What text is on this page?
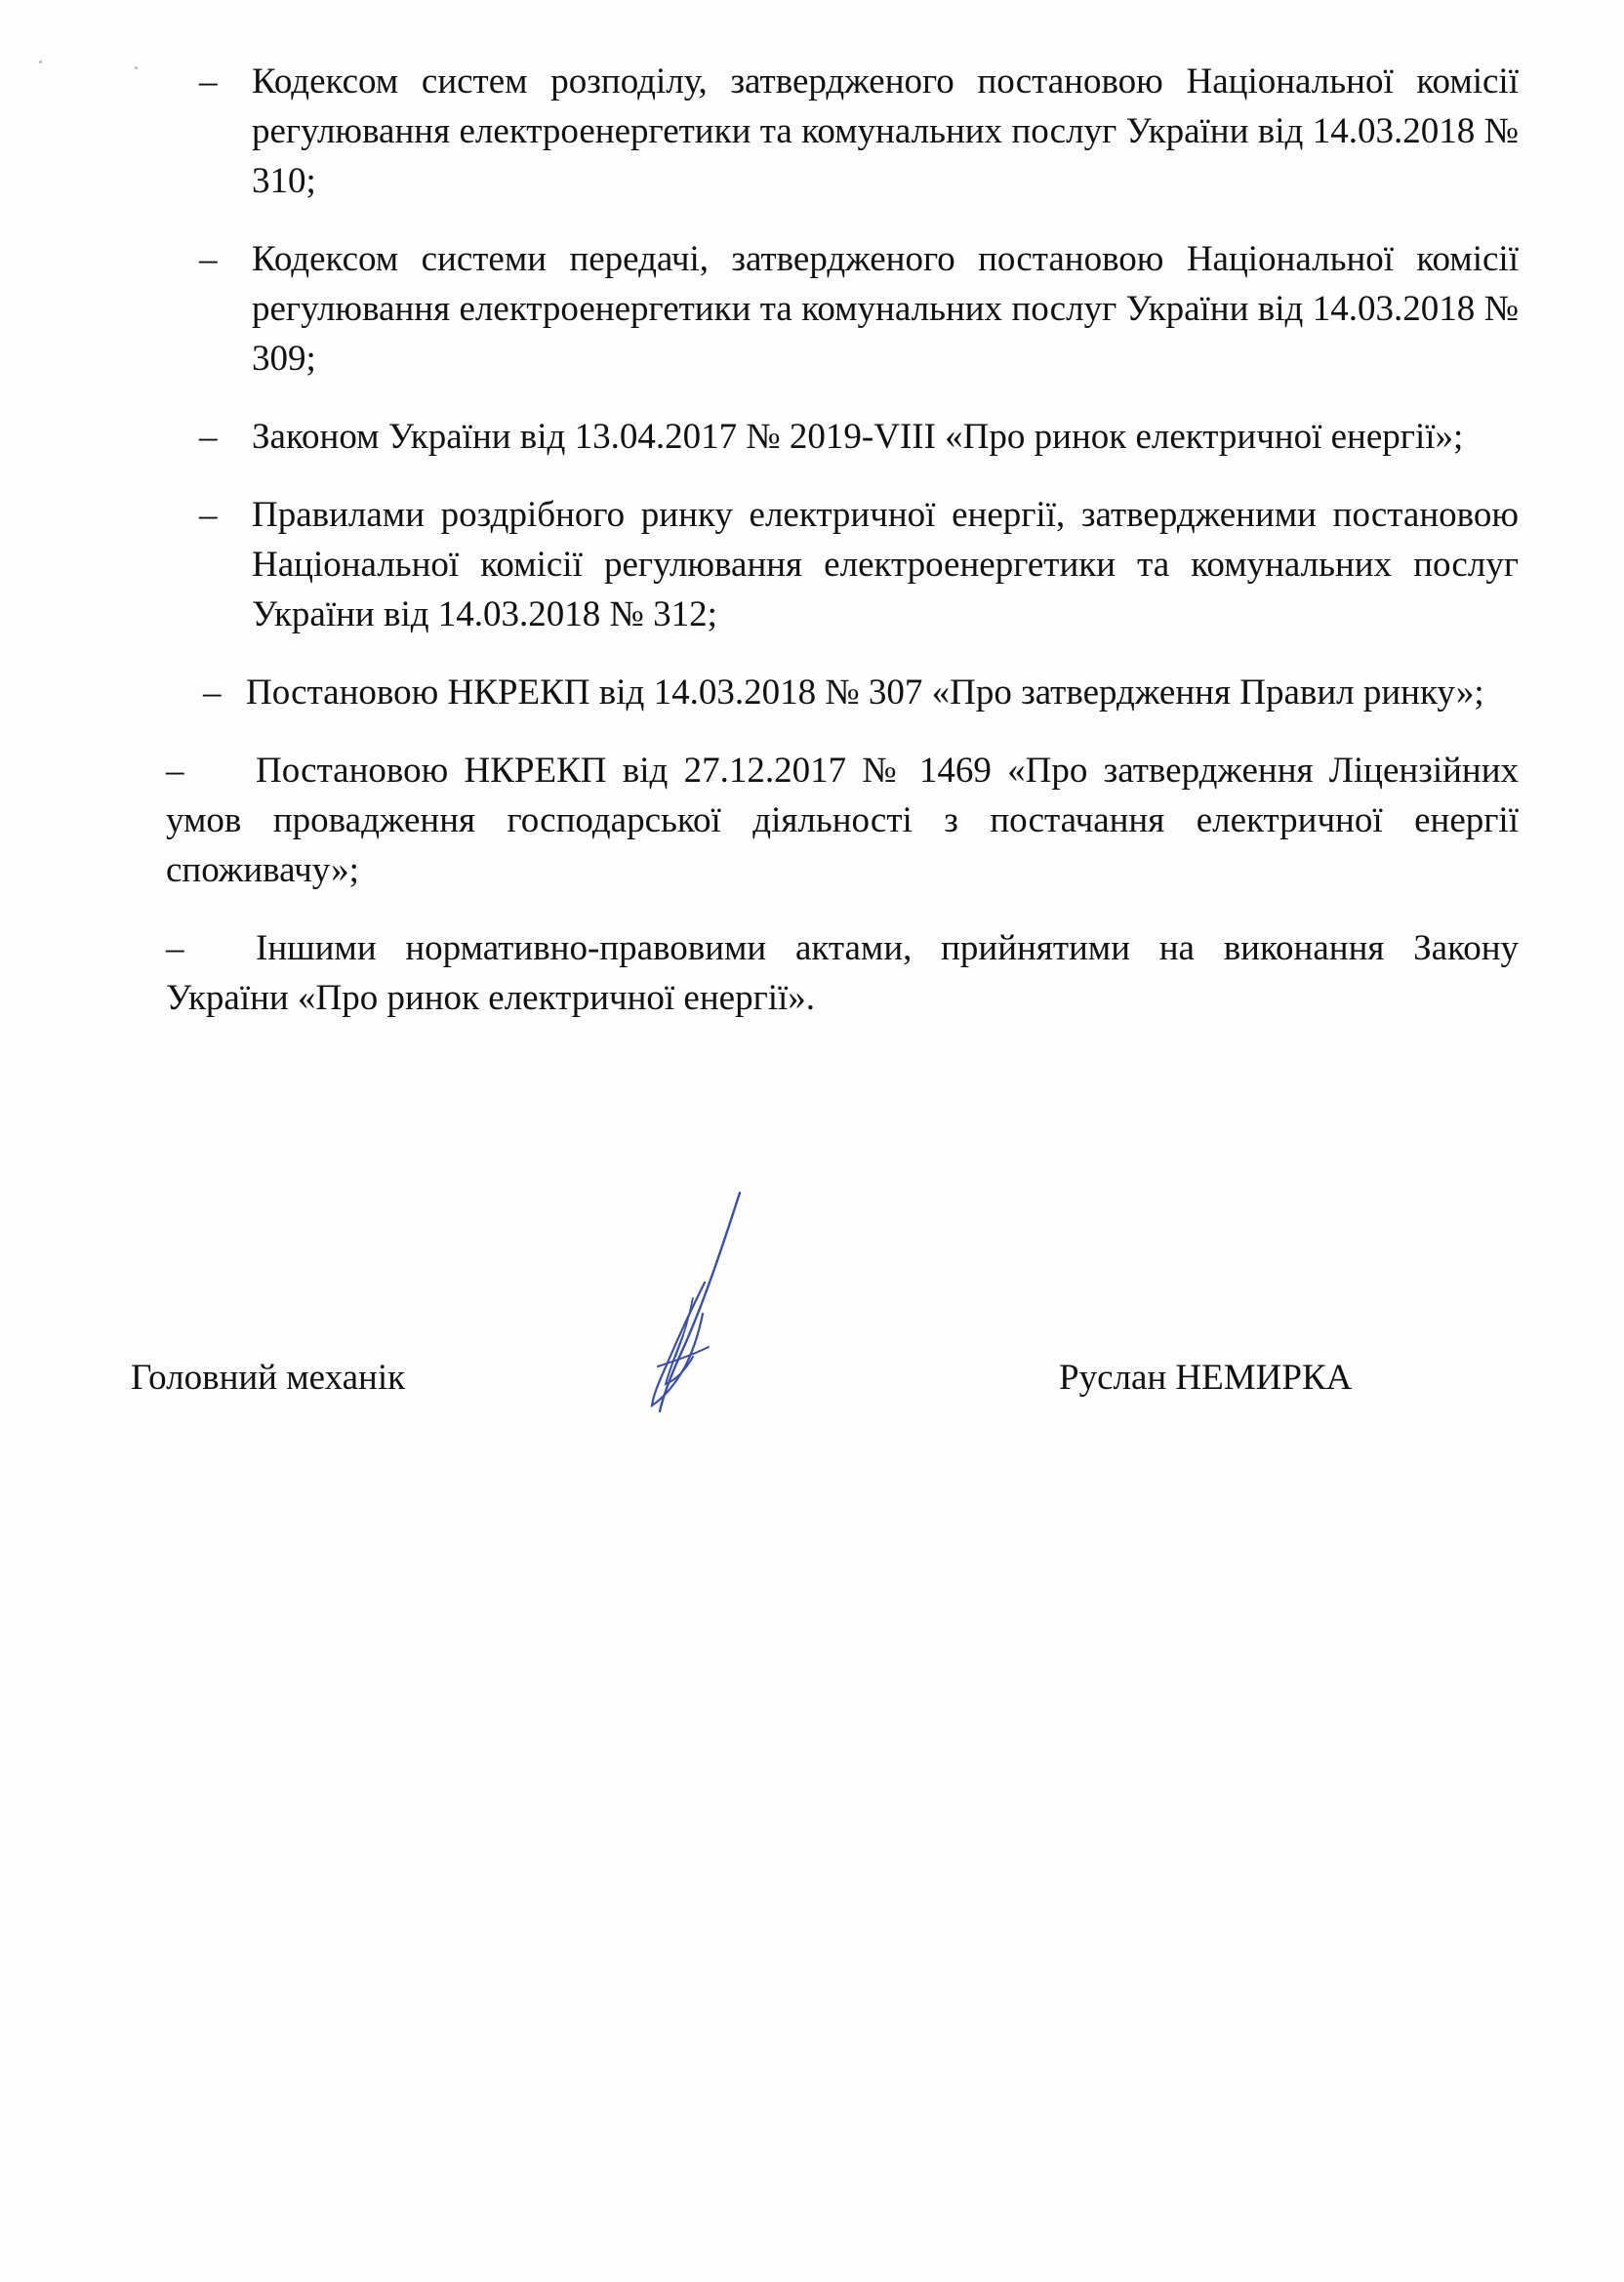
– Кодексом систем розподілу, затвердженого постановою Національної комісії регулювання електроенергетики та комунальних послуг України від 14.03.2018 № 310;
– Кодексом системи передачі, затвердженого постановою Національної комісії регулювання електроенергетики та комунальних послуг України від 14.03.2018 № 309;
– Законом України від 13.04.2017 № 2019-VIII «Про ринок електричної енергії»;
– Правилами роздрібного ринку електричної енергії, затвердженими постановою Національної комісії регулювання електроенергетики та комунальних послуг України від 14.03.2018 № 312;
– Постановою НКРЕКП від 14.03.2018 № 307 «Про затвердження Правил ринку»;
– Постановою НКРЕКП від 27.12.2017 № 1469 «Про затвердження Ліцензійних умов провадження господарської діяльності з постачання електричної енергії споживачу»;
– Іншими нормативно-правовими актами, прийнятими на виконання Закону України «Про ринок електричної енергії».
Головний механік	Руслан НЕМИРКА
